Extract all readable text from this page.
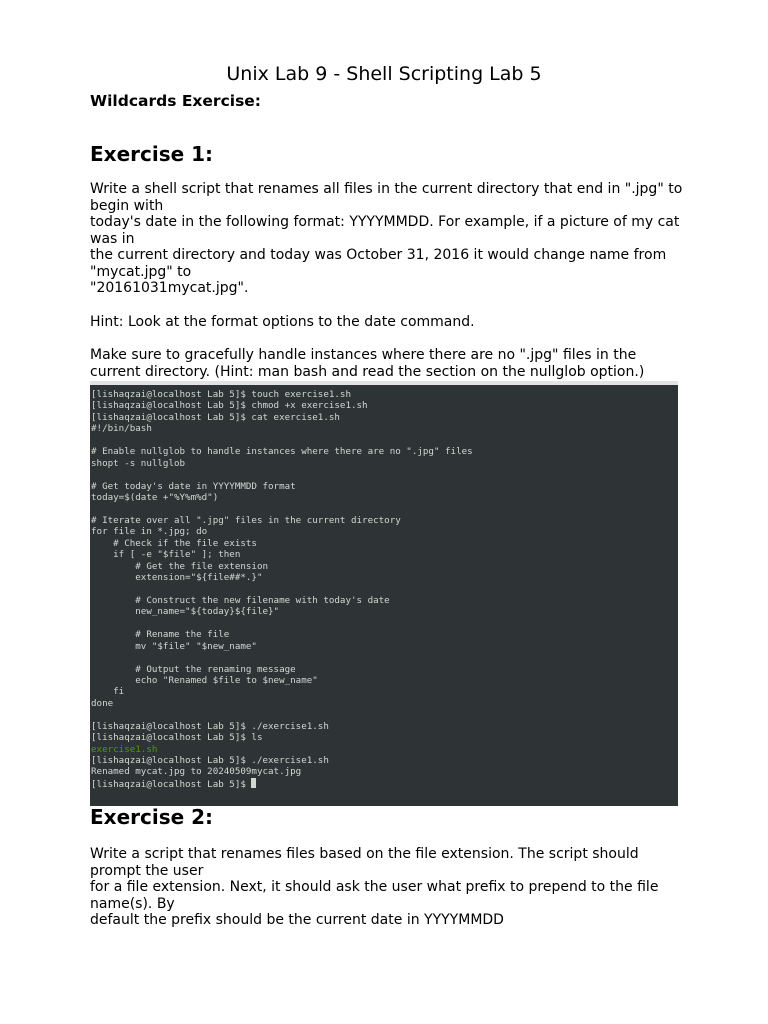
Unix Lab 9 - Shell Scripting Lab 5
Wildcards Exercise:
Exercise 1:

Write a shell script that renames all files in the current directory that end in ".jpg" to
begin with
today's date in the following format: YYYYMMDD. For example, if a picture of my cat
was in
the current directory and today was October 31, 2016 it would change name from
"mycat.jpg" to
"20161031mycat.jpg".

Hint: Look at the format options to the date command.

Make sure to gracefully handle instances where there are no ".jpg" files in the
current directory. (Hint: man bash and read the section on the nullglob option.)

[lishaqzai@localhost Lab 5]$ touch exercise1.sh
[lishaqzai@localhost Lab 5]$ chmod +x exercise1.sh
[lishaqzai@localhost Lab 5]$ cat exercise1.sh
#!/bin/bash
# Enable nullglob to handle instances where there are no ".jpg" files
shopt -s nullglob
# Get today's date in YYYYMMDD format
today=$(date +"%Y%m%d")
# Iterate over all ".jpg" files in the current directory
for file in *.jpg; do
# Check if the file exists
if [ -e "$file" ]; then
# Get the file extension
extension="${file##*.}"
# Construct the new filename with today's date
new_name="${today}${file}"
# Rename the file
mv "$file" "$new_name"
# Output the renaming message
echo "Renamed $file to $new_name"
fi
done
[lishaqzai@localhost Lab 5]$ ./exercise1.sh
[lishaqzai@localhost Lab 5]$ ls
exercise1.sh
[lishaqzai@localhost Lab 5]$ ./exercise1.sh
Renamed mycat.jpg to 20240509mycat.jpg
[lishaqzai@localhost Lab 5]$
Exercise 2:

Write a script that renames files based on the file extension. The script should
prompt the user
for a file extension. Next, it should ask the user what prefix to prepend to the file
name(s). By
default the prefix should be the current date in YYYYMMDD
